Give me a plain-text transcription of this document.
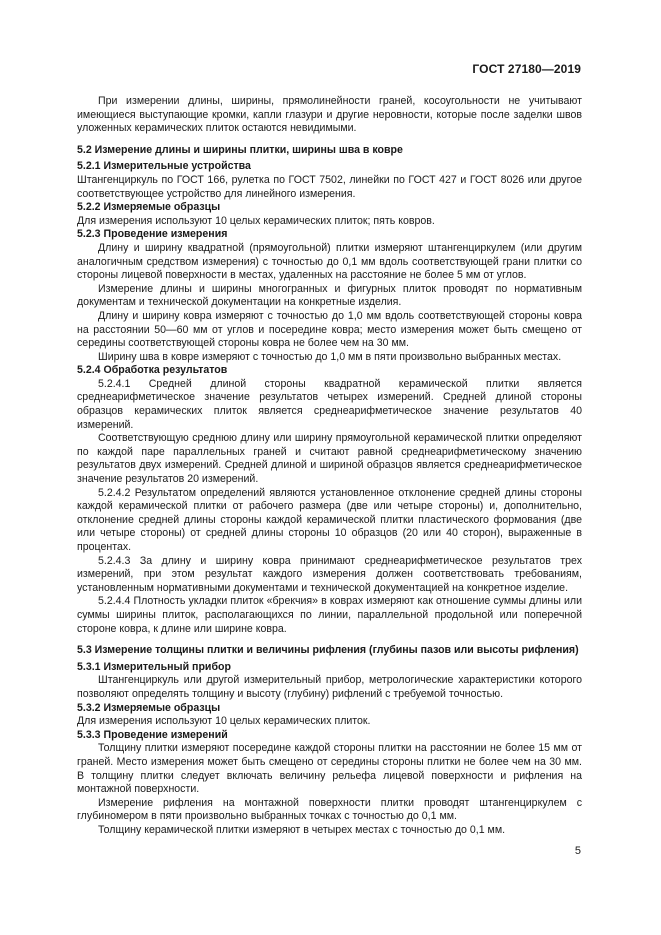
ГОСТ 27180—2019

При измерении длины, ширины, прямолинейности граней, косоугольности не учитывают имеющиеся выступающие кромки, капли глазури и другие неровности, которые после заделки швов уложенных керамических плиток остаются невидимыми.

5.2 Измерение длины и ширины плитки, ширины шва в ковре

5.2.1 Измерительные устройства

Штангенциркуль по ГОСТ 166, рулетка по ГОСТ 7502, линейки по ГОСТ 427 и ГОСТ 8026 или другое соответствующее устройство для линейного измерения.

5.2.2 Измеряемые образцы

Для измерения используют 10 целых керамических плиток; пять ковров.

5.2.3 Проведение измерения

Длину и ширину квадратной (прямоугольной) плитки измеряют штангенциркулем (или другим аналогичным средством измерения) с точностью до 0,1 мм вдоль соответствующей грани плитки со стороны лицевой поверхности в местах, удаленных на расстояние не более 5 мм от углов.

Измерение длины и ширины многогранных и фигурных плиток проводят по нормативным документам и технической документации на конкретные изделия.

Длину и ширину ковра измеряют с точностью до 1,0 мм вдоль соответствующей стороны ковра на расстоянии 50—60 мм от углов и посередине ковра; место измерения может быть смещено от середины соответствующей стороны ковра не более чем на 30 мм.

Ширину шва в ковре измеряют с точностью до 1,0 мм в пяти произвольно выбранных местах.

5.2.4 Обработка результатов

5.2.4.1 Средней длиной стороны квадратной керамической плитки является среднеарифметическое значение результатов четырех измерений. Средней длиной стороны образцов керамических плиток является среднеарифметическое значение результатов 40 измерений.

Соответствующую среднюю длину или ширину прямоугольной керамической плитки определяют по каждой паре параллельных граней и считают равной среднеарифметическому значению результатов двух измерений. Средней длиной и шириной образцов является среднеарифметическое значение результатов 20 измерений.

5.2.4.2 Результатом определений являются установленное отклонение средней длины стороны каждой керамической плитки от рабочего размера (две или четыре стороны) и, дополнительно, отклонение средней длины стороны каждой керамической плитки пластического формования (две или четыре стороны) от средней длины стороны 10 образцов (20 или 40 сторон), выраженные в процентах.

5.2.4.3 За длину и ширину ковра принимают среднеарифметическое результатов трех измерений, при этом результат каждого измерения должен соответствовать требованиям, установленным нормативными документами и технической документацией на конкретное изделие.

5.2.4.4 Плотность укладки плиток «брекчия» в коврах измеряют как отношение суммы длины или суммы ширины плиток, располагающихся по линии, параллельной продольной или поперечной стороне ковра, к длине или ширине ковра.

5.3 Измерение толщины плитки и величины рифления (глубины пазов или высоты рифления)

5.3.1 Измерительный прибор

Штангенциркуль или другой измерительный прибор, метрологические характеристики которого позволяют определять толщину и высоту (глубину) рифлений с требуемой точностью.

5.3.2 Измеряемые образцы

Для измерения используют 10 целых керамических плиток.

5.3.3 Проведение измерений

Толщину плитки измеряют посередине каждой стороны плитки на расстоянии не более 15 мм от граней. Место измерения может быть смещено от середины стороны плитки не более чем на 30 мм. В толщину плитки следует включать величину рельефа лицевой поверхности и рифления на монтажной поверхности.

Измерение рифления на монтажной поверхности плитки проводят штангенциркулем с глубиномером в пяти произвольно выбранных точках с точностью до 0,1 мм.

Толщину керамической плитки измеряют в четырех местах с точностью до 0,1 мм.

5
